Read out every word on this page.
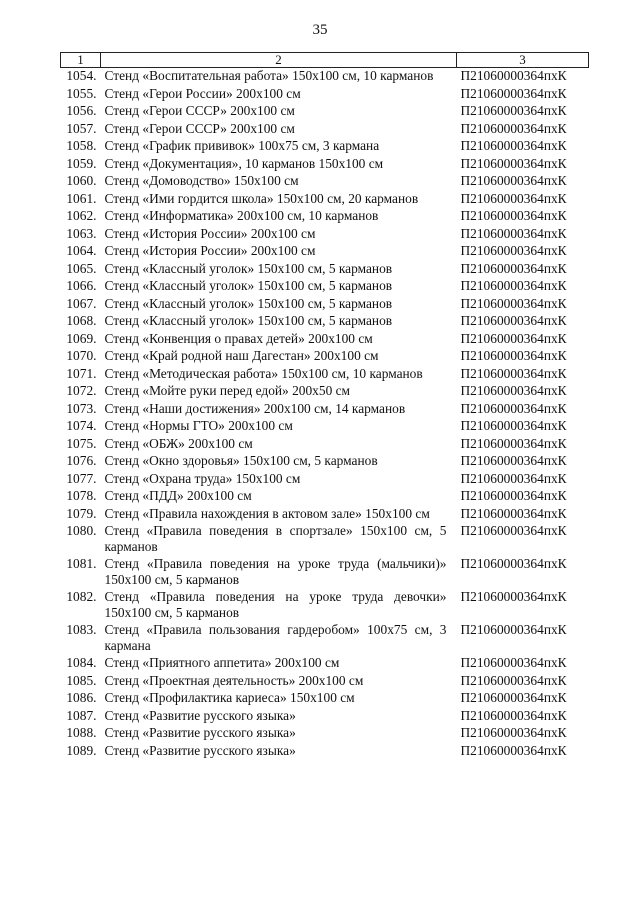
35
1	2	3
1054.	Стенд «Воспитательная работа» 150x100 см, 10 карманов	П21060000364пхК
1055.	Стенд «Герои России» 200x100 см	П21060000364пхК
1056.	Стенд «Герои СССР» 200x100 см	П21060000364пхК
1057.	Стенд «Герои СССР» 200x100 см	П21060000364пхК
1058.	Стенд «График прививок» 100x75 см, 3 кармана	П21060000364пхК
1059.	Стенд «Документация», 10 карманов 150x100 см	П21060000364пхК
1060.	Стенд «Домоводство» 150x100 см	П21060000364пхК
1061.	Стенд «Ими гордится школа» 150x100 см, 20 карманов	П21060000364пхК
1062.	Стенд «Информатика» 200x100 см, 10 карманов	П21060000364пхК
1063.	Стенд «История России» 200x100 см	П21060000364пхК
1064.	Стенд «История России» 200x100 см	П21060000364пхК
1065.	Стенд «Классный уголок» 150x100 см, 5 карманов	П21060000364пхК
1066.	Стенд «Классный уголок» 150x100 см, 5 карманов	П21060000364пхК
1067.	Стенд «Классный уголок» 150x100 см, 5 карманов	П21060000364пхК
1068.	Стенд «Классный уголок» 150x100 см, 5 карманов	П21060000364пхК
1069.	Стенд «Конвенция о правах детей» 200x100 см	П21060000364пхК
1070.	Стенд «Край родной наш Дагестан» 200x100 см	П21060000364пхК
1071.	Стенд «Методическая работа» 150x100 см, 10 карманов	П21060000364пхК
1072.	Стенд «Мойте руки перед едой» 200x50 см	П21060000364пхК
1073.	Стенд «Наши достижения» 200x100 см, 14 карманов	П21060000364пхК
1074.	Стенд «Нормы ГТО» 200x100 см	П21060000364пхК
1075.	Стенд «ОБЖ» 200x100 см	П21060000364пхК
1076.	Стенд «Окно здоровья» 150x100 см, 5 карманов	П21060000364пхК
1077.	Стенд «Охрана труда» 150x100 см	П21060000364пхК
1078.	Стенд «ПДД» 200x100 см	П21060000364пхК
1079.	Стенд «Правила нахождения в актовом зале» 150x100 см	П21060000364пхК
1080.	Стенд «Правила поведения в спортзале» 150x100 см, 5 карманов	П21060000364пхК
1081.	Стенд «Правила поведения на уроке труда (мальчики)» 150x100 см, 5 карманов	П21060000364пхК
1082.	Стенд «Правила поведения на уроке труда девочки» 150x100 см, 5 карманов	П21060000364пхК
1083.	Стенд «Правила пользования гардеробом» 100x75 см, 3 кармана	П21060000364пхК
1084.	Стенд «Приятного аппетита» 200x100 см	П21060000364пхК
1085.	Стенд «Проектная деятельность» 200x100 см	П21060000364пхК
1086.	Стенд «Профилактика кариеса» 150x100 см	П21060000364пхК
1087.	Стенд «Развитие русского языка»	П21060000364пхК
1088.	Стенд «Развитие русского языка»	П21060000364пхК
1089.	Стенд «Развитие русского языка»	П21060000364пхК
